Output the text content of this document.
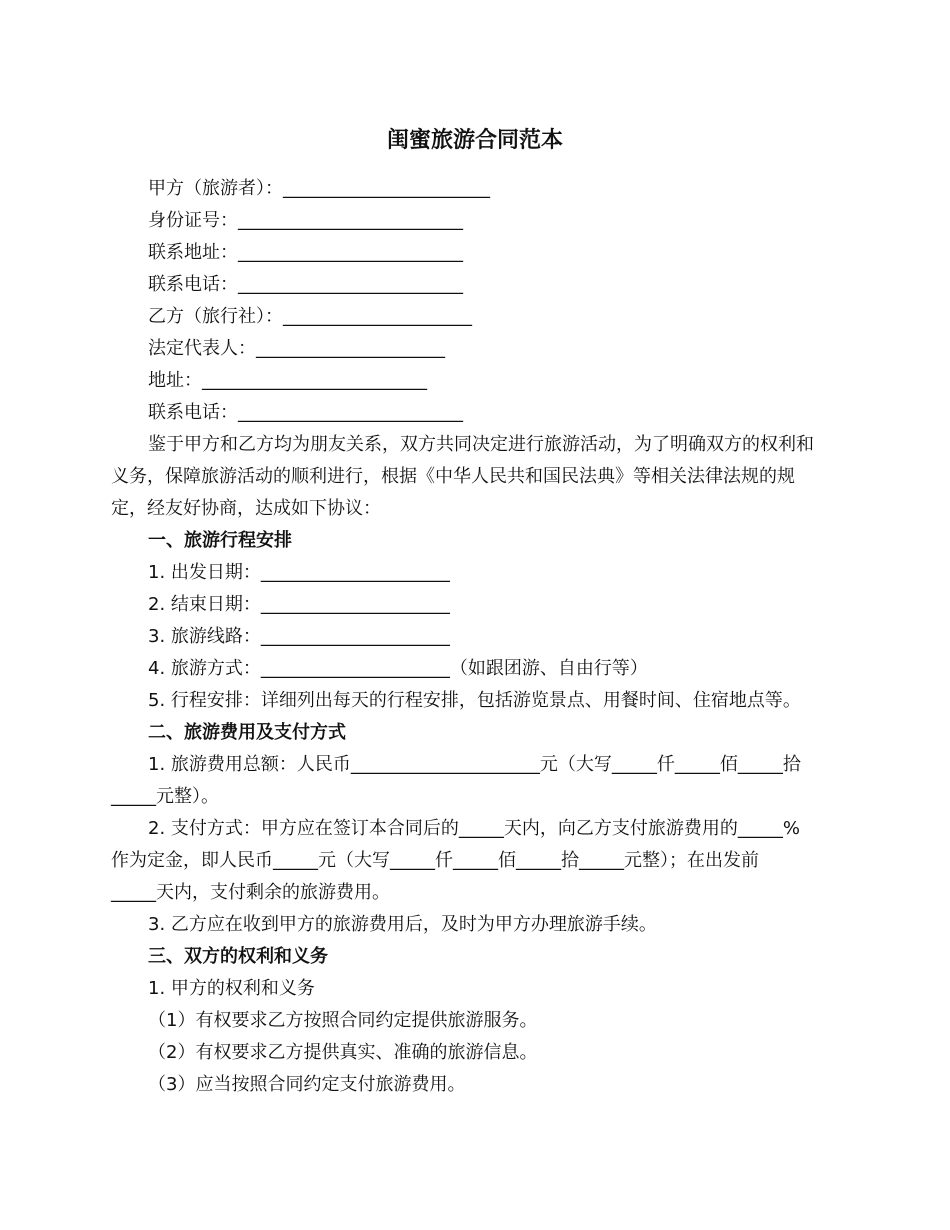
闺蜜旅游合同范本
甲方（旅游者）：_______________________
身份证号：_________________________
联系地址：_________________________
联系电话：_________________________
乙方（旅行社）：_____________________
法定代表人：_____________________
地址：_________________________
联系电话：_________________________
鉴于甲方和乙方均为朋友关系，双方共同决定进行旅游活动，为了明确双方的权利和
义务，保障旅游活动的顺利进行，根据《中华人民共和国民法典》等相关法律法规的规
定，经友好协商，达成如下协议：
一、旅游行程安排
1. 出发日期：_____________________
2. 结束日期：_____________________
3. 旅游线路：_____________________
4. 旅游方式：_____________________（如跟团游、自由行等）
5. 行程安排：详细列出每天的行程安排，包括游览景点、用餐时间、住宿地点等。
二、旅游费用及支付方式
1. 旅游费用总额：人民币_____________________元（大写_____仟_____佰_____拾
_____元整）。
2. 支付方式：甲方应在签订本合同后的_____天内，向乙方支付旅游费用的_____%
作为定金，即人民币_____元（大写_____仟_____佰_____拾_____元整）；在出发前
_____天内，支付剩余的旅游费用。
3. 乙方应在收到甲方的旅游费用后，及时为甲方办理旅游手续。
三、双方的权利和义务
1. 甲方的权利和义务
（1）有权要求乙方按照合同约定提供旅游服务。
（2）有权要求乙方提供真实、准确的旅游信息。
（3）应当按照合同约定支付旅游费用。
